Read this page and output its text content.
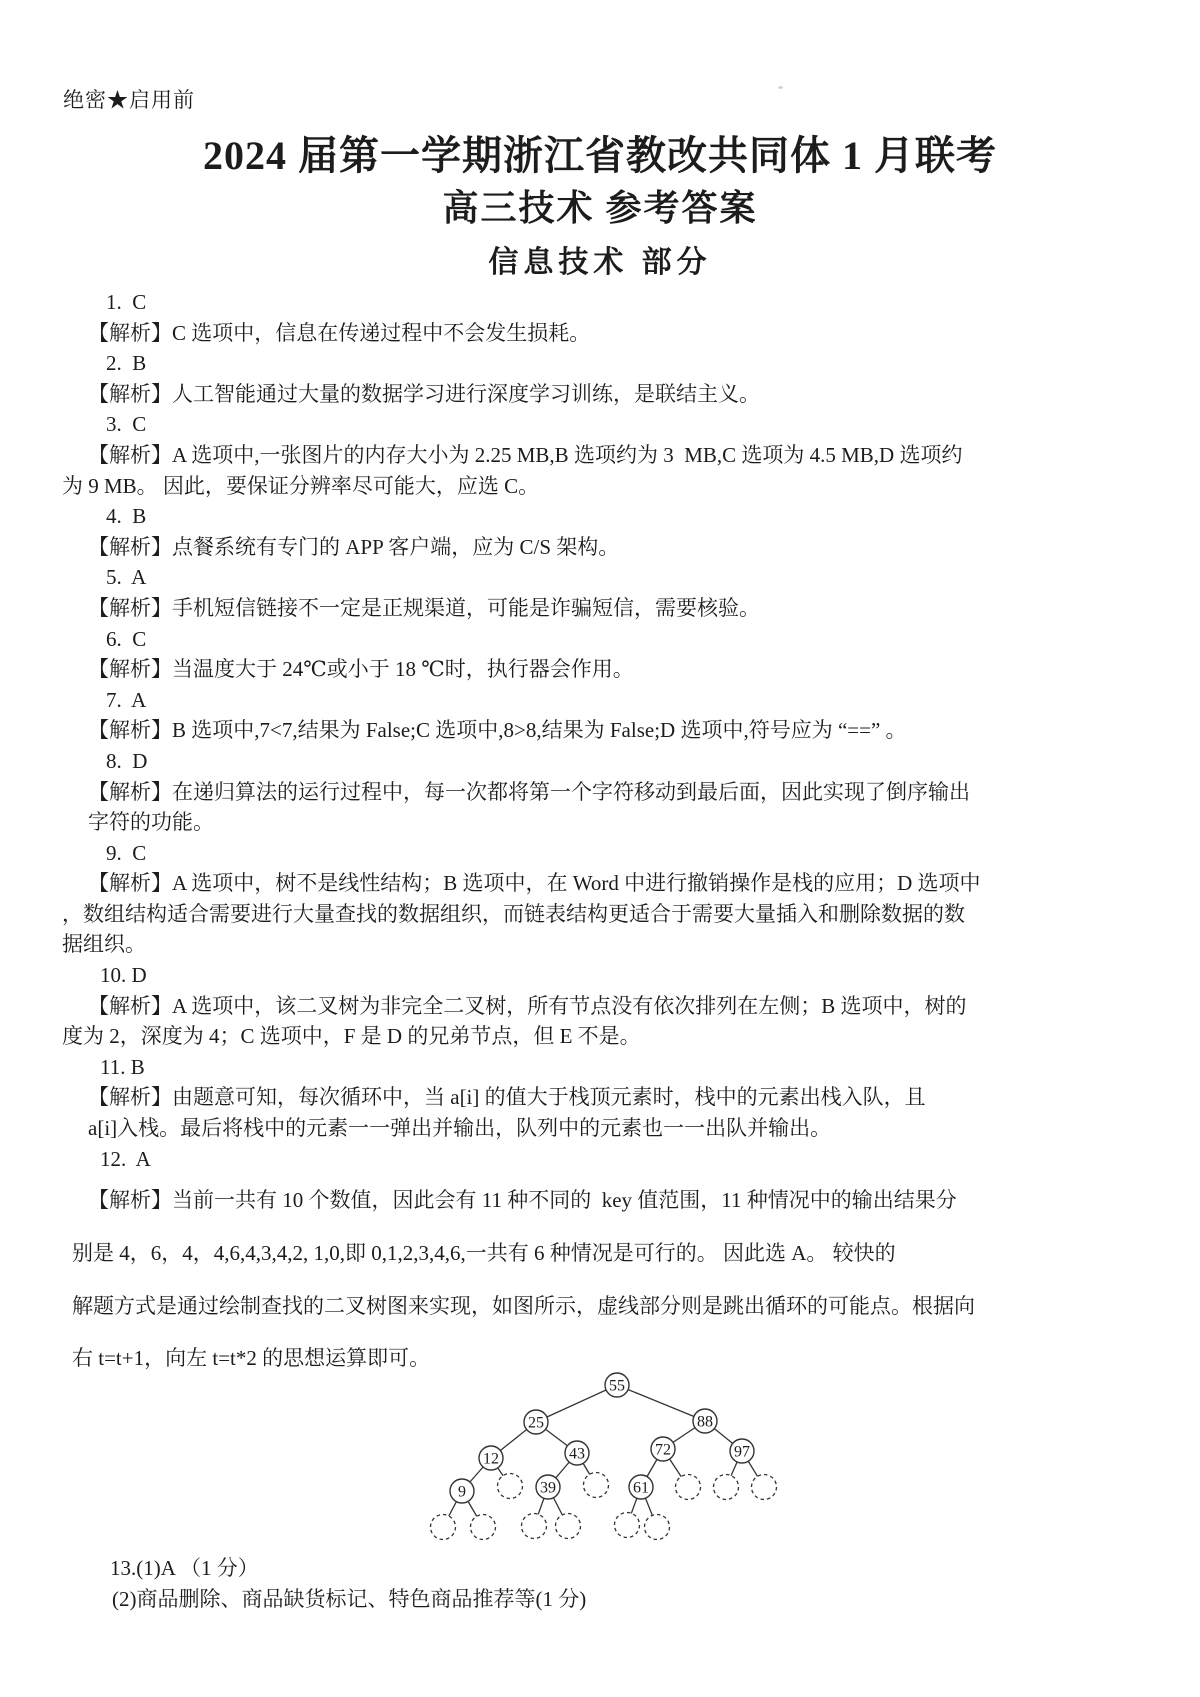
绝密★启用前
2024 届第一学期浙江省教改共同体 1 月联考
高三技术 参考答案
信息技术 部分
1.  C
【解析】C 选项中，信息在传递过程中不会发生损耗。
2.  B
【解析】人工智能通过大量的数据学习进行深度学习训练，是联结主义。
3.  C
【解析】A 选项中,一张图片的内存大小为 2.25 MB,B 选项约为 3  MB,C 选项为 4.5 MB,D 选项约
为 9 MB。 因此，要保证分辨率尽可能大，应选 C。
4.  B
【解析】点餐系统有专门的 APP 客户端，应为 C/S 架构。
5.  A
【解析】手机短信链接不一定是正规渠道，可能是诈骗短信，需要核验。
6.  C
【解析】当温度大于 24℃或小于 18 ℃时，执行器会作用。
7.  A
【解析】B 选项中,7<7,结果为 False;C 选项中,8>8,结果为 False;D 选项中,符号应为 “==” 。
8.  D
【解析】在递归算法的运行过程中，每一次都将第一个字符移动到最后面，因此实现了倒序输出
字符的功能。
9.  C
【解析】A 选项中，树不是线性结构；B 选项中，在 Word 中进行撤销操作是栈的应用；D 选项中
，数组结构适合需要进行大量查找的数据组织，而链表结构更适合于需要大量插入和删除数据的数
据组织。
10. D
【解析】A 选项中，该二叉树为非完全二叉树，所有节点没有依次排列在左侧；B 选项中，树的
度为 2，深度为 4；C 选项中，F 是 D 的兄弟节点，但 E 不是。
11. B
【解析】由题意可知，每次循环中，当 a[i] 的值大于栈顶元素时，栈中的元素出栈入队，且
a[i]入栈。最后将栈中的元素一一弹出并输出，队列中的元素也一一出队并输出。
12.  A
【解析】当前一共有 10 个数值，因此会有 11 种不同的  key 值范围，11 种情况中的输出结果分
别是 4，6，4，4,6,4,3,4,2, 1,0,即 0,1,2,3,4,6,一共有 6 种情况是可行的。 因此选 A。 较快的
解题方式是通过绘制查找的二叉树图来实现，如图所示，虚线部分则是跳出循环的可能点。根据向
右 t=t+1，向左 t=t*2 的思想运算即可。
55
25	88
12	43	72	97
9	39	61
13.(1)A （1 分）
(2)商品删除、商品缺货标记、特色商品推荐等(1 分)
